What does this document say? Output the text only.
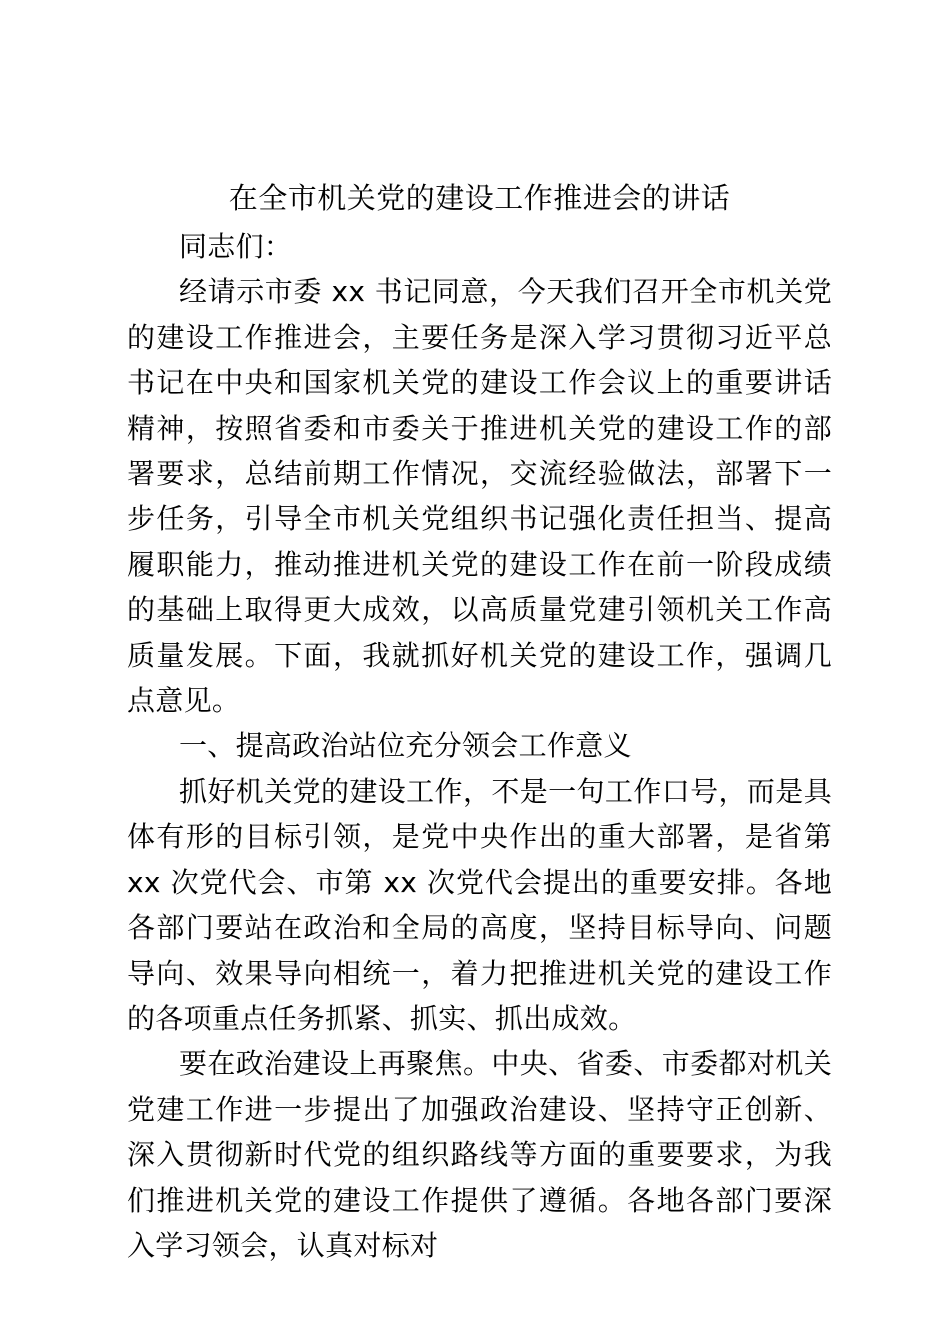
在全市机关党的建设工作推进会的讲话

同志们：

经请示市委 xx 书记同意，今天我们召开全市机关党的建设工作推进会，主要任务是深入学习贯彻习近平总书记在中央和国家机关党的建设工作会议上的重要讲话精神，按照省委和市委关于推进机关党的建设工作的部署要求，总结前期工作情况，交流经验做法，部署下一步任务，引导全市机关党组织书记强化责任担当、提高履职能力，推动推进机关党的建设工作在前一阶段成绩的基础上取得更大成效，以高质量党建引领机关工作高质量发展。下面，我就抓好机关党的建设工作，强调几点意见。

一、提高政治站位充分领会工作意义

抓好机关党的建设工作，不是一句工作口号，而是具体有形的目标引领，是党中央作出的重大部署，是省第 xx 次党代会、市第 xx 次党代会提出的重要安排。各地各部门要站在政治和全局的高度，坚持目标导向、问题导向、效果导向相统一，着力把推进机关党的建设工作的各项重点任务抓紧、抓实、抓出成效。

要在政治建设上再聚焦。中央、省委、市委都对机关党建工作进一步提出了加强政治建设、坚持守正创新、深入贯彻新时代党的组织路线等方面的重要要求，为我们推进机关党的建设工作提供了遵循。各地各部门要深入学习领会，认真对标对
